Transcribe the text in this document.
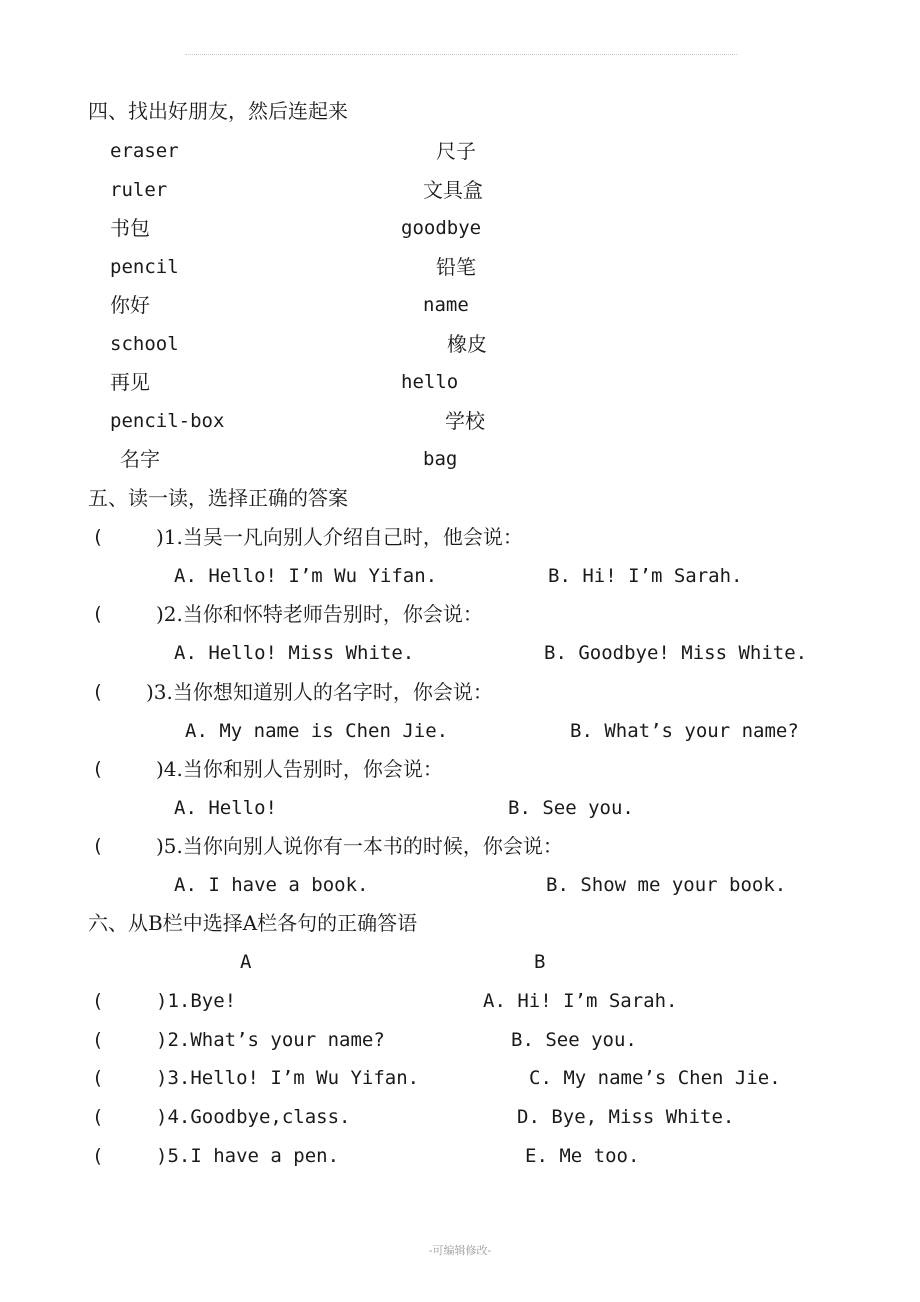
四、找出好朋友，然后连起来
eraser	尺子
ruler	文具盒
书包	goodbye
pencil	铅笔
你好	name
school	橡皮
再见	hello
pencil-box	学校
名字	bag
五、读一读，选择正确的答案
(	)1.当吴一凡向别人介绍自己时，他会说：
A. Hello! I’m Wu Yifan.	B. Hi! I’m Sarah.
(	)2.当你和怀特老师告别时，你会说：
A. Hello! Miss White.	B. Goodbye! Miss White.
( )3.当你想知道别人的名字时，你会说：
A. My name is Chen Jie.	B. What’s your name?
(	)4.当你和别人告别时，你会说：
A. Hello!	B. See you.
(	)5.当你向别人说你有一本书的时候，你会说：
A. I have a book.	B. Show me your book.
六、从B栏中选择A栏各句的正确答语
A	B
(	)1.Bye!	A. Hi! I’m Sarah.
(	)2.What’s your name?	B. See you.
(	)3.Hello! I’m Wu Yifan.	C. My name’s Chen Jie.
(	)4.Goodbye,class.	D. Bye, Miss White.
(	)5.I have a pen.	E. Me too.
-可编辑修改-
